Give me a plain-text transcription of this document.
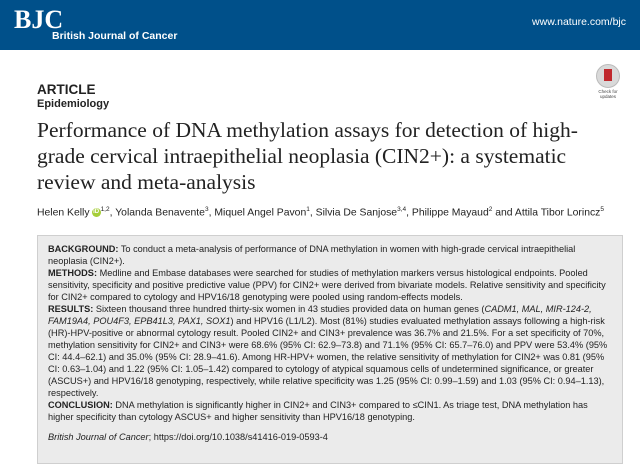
BJC
British Journal of Cancer
www.nature.com/bjc
ARTICLE
Epidemiology
Check for updates
Performance of DNA methylation assays for detection of high-grade cervical intraepithelial neoplasia (CIN2+): a systematic review and meta-analysis
Helen Kelly iD $^{1,2}$, Yolanda Benavente$^3$, Miquel Angel Pavon$^1$, Silvia De Sanjose$^{3,4}$, Philippe Mayaud$^2$ and Attila Tibor Lorincz$^5$

BACKGROUND: To conduct a meta-analysis of performance of DNA methylation in women with high-grade cervical intraepithelial neoplasia (CIN2+).

METHODS: Medline and Embase databases were searched for studies of methylation markers versus histological endpoints. Pooled sensitivity, specificity and positive predictive value (PPV) for CIN2+ were derived from bivariate models. Relative sensitivity and specificity for CIN2+ compared to cytology and HPV16/18 genotyping were pooled using random-effects models.

RESULTS: Sixteen thousand three hundred thirty-six women in 43 studies provided data on human genes (CADM1, MAL, MIR-124-2, FAM19A4, POU4F3, EPB41L3, PAX1, SOX1) and HPV16 (L1/L2). Most (81%) studies evaluated methylation assays following a high-risk (HR)-HPV-positive or abnormal cytology result. Pooled CIN2+ and CIN3+ prevalence was 36.7% and 21.5%. For a set specificity of 70%, methylation sensitivity for CIN2+ and CIN3+ were 68.6% (95% CI: 62.9–73.8) and 71.1% (95% CI: 65.7–76.0) and PPV were 53.4% (95% CI: 44.4–62.1) and 35.0% (95% CI: 28.9–41.6). Among HR-HPV+ women, the relative sensitivity of methylation for CIN2+ was 0.81 (95% CI: 0.63–1.04) and 1.22 (95% CI: 1.05–1.42) compared to cytology of atypical squamous cells of undetermined significance, or greater (ASCUS+) and HPV16/18 genotyping, respectively, while relative specificity was 1.25 (95% CI: 0.99–1.59) and 1.03 (95% CI: 0.94–1.13), respectively.

CONCLUSION: DNA methylation is significantly higher in CIN2+ and CIN3+ compared to ≤CIN1. As triage test, DNA methylation has higher specificity than cytology ASCUS+ and higher sensitivity than HPV16/18 genotyping.

British Journal of Cancer; https://doi.org/10.1038/s41416-019-0593-4
